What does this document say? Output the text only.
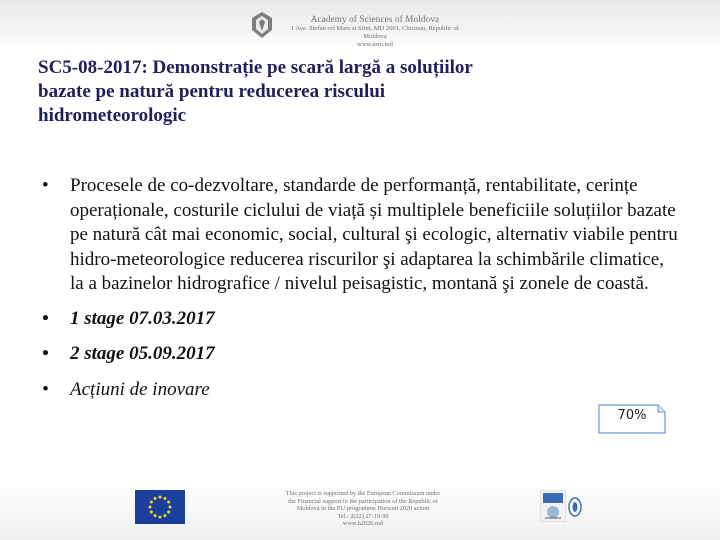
Academy of Sciences of Moldova
1 Ave. Stefan cel Mare si Sfint, MD 2001, Chisinau, Republic of Moldova
www.asm.md
SC5-08-2017: Demonstrație pe scară largă a soluțiilor
bazate pe natură pentru reducerea riscului
hidrometeorologic
•	Procesele de co-dezvoltare, standarde de performanță, rentabilitate, cerințe operaționale, costurile ciclului de viață și multiplele beneficiile soluțiilor bazate pe natură cât mai economic, social, cultural şi ecologic, alternativ viabile pentru hidro-meteorologice reducerea riscurilor şi adaptarea la schimbările climatice, la a bazinelor hidrografice / nivelul peisagistic, montană şi zonele de coastă.
•	1 stage 07.03.2017
•	2 stage 05.09.2017
•	Acțiuni de inovare
70%
This project is supported by the European Commission under
the Financial support to the participation of the Republic of
Moldova in the EU programme Horizon 2020 action
Tel.: 2(22) 27-19-99
www.h2020.md
